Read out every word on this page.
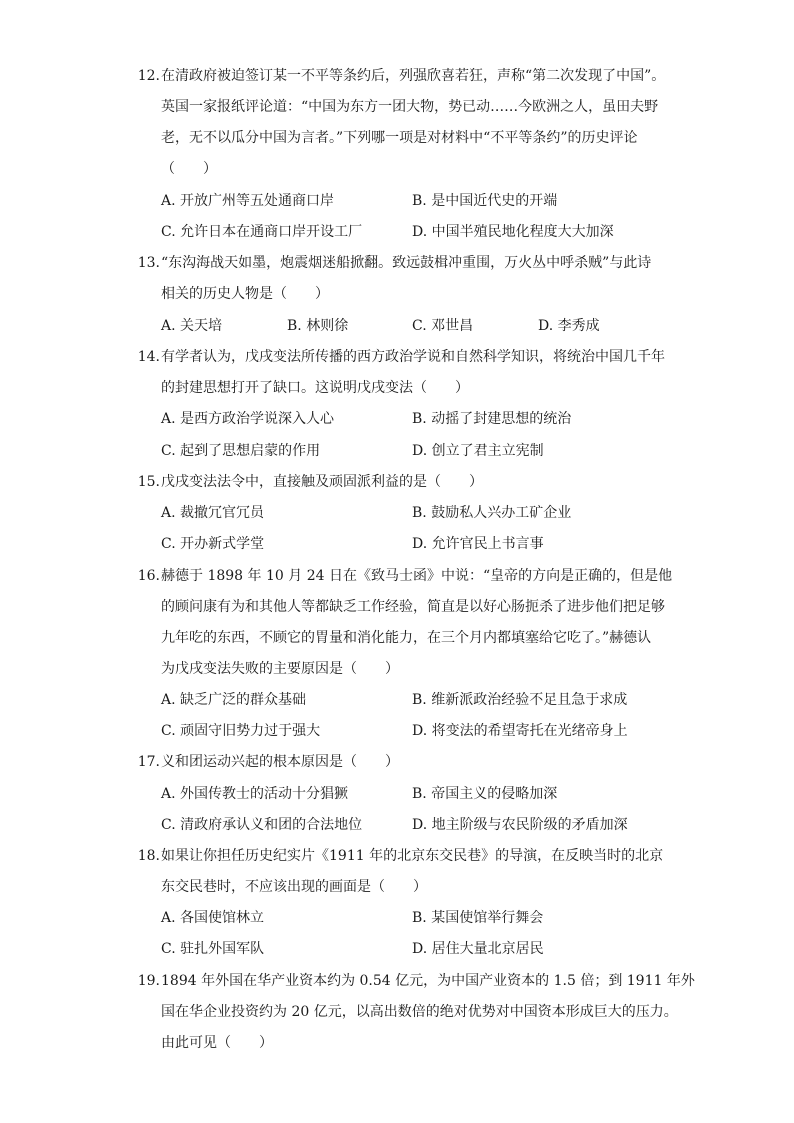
12. 在清政府被迫签订某一不平等条约后，列强欣喜若狂，声称“第二次发现了中国”。
英国一家报纸评论道：“中国为东方一团大物，势已动……今欧洲之人，虽田夫野
老，无不以瓜分中国为言者。”下列哪一项是对材料中“不平等条约”的历史评论
（　　）
A. 开放广州等五处通商口岸	B. 是中国近代史的开端
C. 允许日本在通商口岸开设工厂	D. 中国半殖民地化程度大大加深
13. “东沟海战天如墨，炮震烟迷船掀翻。致远鼓楫冲重围，万火丛中呼杀贼”与此诗
相关的历史人物是（　　）
A. 关天培	B. 林则徐	C. 邓世昌	D. 李秀成
14. 有学者认为，戊戌变法所传播的西方政治学说和自然科学知识，将统治中国几千年
的封建思想打开了缺口。这说明戊戌变法（　　）
A. 是西方政治学说深入人心	B. 动摇了封建思想的统治
C. 起到了思想启蒙的作用	D. 创立了君主立宪制
15. 戊戌变法法令中，直接触及顽固派利益的是（　　）
A. 裁撤冗官冗员	B. 鼓励私人兴办工矿企业
C. 开办新式学堂	D. 允许官民上书言事
16. 赫德于 1898 年 10 月 24 日在《致马士函》中说：“皇帝的方向是正确的，但是他
的顾问康有为和其他人等都缺乏工作经验，简直是以好心肠扼杀了进步他们把足够
九年吃的东西，不顾它的胃量和消化能力，在三个月内都填塞给它吃了。”赫德认
为戊戌变法失败的主要原因是（　　）
A. 缺乏广泛的群众基础	B. 维新派政治经验不足且急于求成
C. 顽固守旧势力过于强大	D. 将变法的希望寄托在光绪帝身上
17. 义和团运动兴起的根本原因是（　　）
A. 外国传教士的活动十分猖獗	B. 帝国主义的侵略加深
C. 清政府承认义和团的合法地位	D. 地主阶级与农民阶级的矛盾加深
18. 如果让你担任历史纪实片《1911 年的北京东交民巷》的导演，在反映当时的北京
东交民巷时，不应该出现的画面是（　　）
A. 各国使馆林立	B. 某国使馆举行舞会
C. 驻扎外国军队	D. 居住大量北京居民
19. 1894 年外国在华产业资本约为 0.54 亿元，为中国产业资本的 1.5 倍；到 1911 年外
国在华企业投资约为 20 亿元，以高出数倍的绝对优势对中国资本形成巨大的压力。
由此可见（　　）
